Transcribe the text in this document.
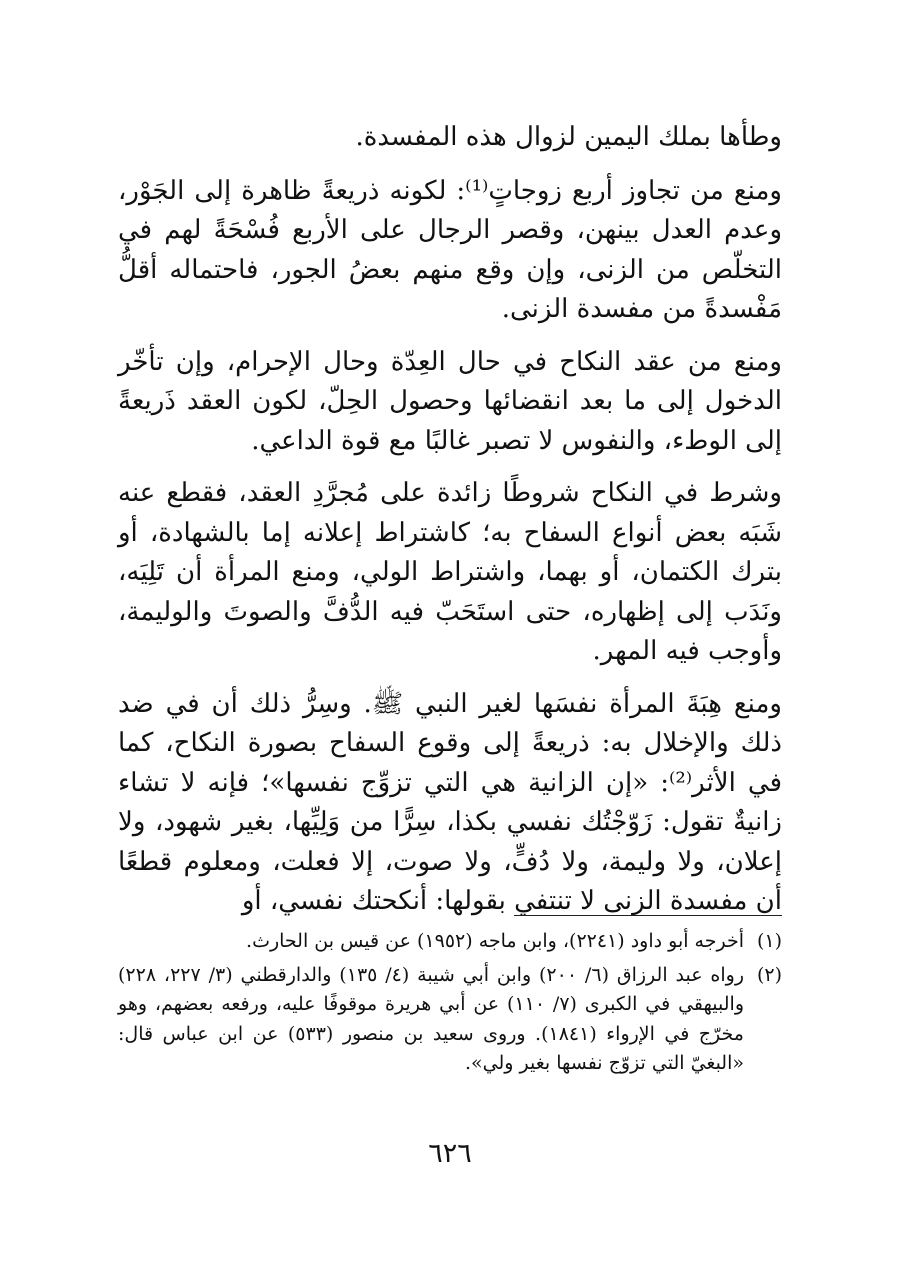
وطأها بملك اليمين لزوال هذه المفسدة.

ومنع من تجاوز أربع زوجاتٍ⁽¹⁾: لكونه ذريعةً ظاهرة إلى الجَوْر، وعدم العدل بينهن، وقصر الرجال على الأربع فُسْحَةً لهم في التخلّص من الزنى، وإن وقع منهم بعضُ الجور، فاحتماله أقلُّ مَفْسدةً من مفسدة الزنى.

ومنع من عقد النكاح في حال العِدّة وحال الإحرام، وإن تأخّر الدخول إلى ما بعد انقضائها وحصول الحِلّ، لكون العقد ذَريعةً إلى الوطء، والنفوس لا تصبر غالبًا مع قوة الداعي.

وشرط في النكاح شروطًا زائدة على مُجرَّدِ العقد، فقطع عنه شَبَه بعض أنواع السفاح به؛ كاشتراط إعلانه إما بالشهادة، أو بترك الكتمان، أو بهما، واشتراط الولي، ومنع المرأة أن تَلِيَه، ونَدَب إلى إظهاره، حتى استَحَبّ فيه الدُّفَّ والصوتَ والوليمة، وأوجب فيه المهر.

ومنع هِبَةَ المرأة نفسَها لغير النبي ﷺ. وسِرُّ ذلك أن في ضد ذلك والإخلال به: ذريعةً إلى وقوع السفاح بصورة النكاح، كما في الأثر⁽²⁾: «إن الزانية هي التي تزوِّج نفسها»؛ فإنه لا تشاء زانيةٌ تقول: زَوّجْتُك نفسي بكذا، سِرًّا من وَلِيِّها، بغير شهود، ولا إعلان، ولا وليمة، ولا دُفٍّ، ولا صوت، إلا فعلت، ومعلوم قطعًا أن مفسدة الزنى لا تنتفي بقولها: أنكحتك نفسي، أو

(١)
أخرجه أبو داود (٢٢٤١)، وابن ماجه (١٩٥٢) عن قيس بن الحارث.
(٢)
رواه عبد الرزاق (٦/ ٢٠٠) وابن أبي شيبة (٤/ ١٣٥) والدارقطني (٣/ ٢٢٧، ٢٢٨) والبيهقي في الكبرى (٧/ ١١٠) عن أبي هريرة موقوفًا عليه، ورفعه بعضهم، وهو مخرّج في الإرواء (١٨٤١). وروى سعيد بن منصور (٥٣٣) عن ابن عباس قال: «البغيّ التي تزوّج نفسها بغير ولي».
٦٢٦
